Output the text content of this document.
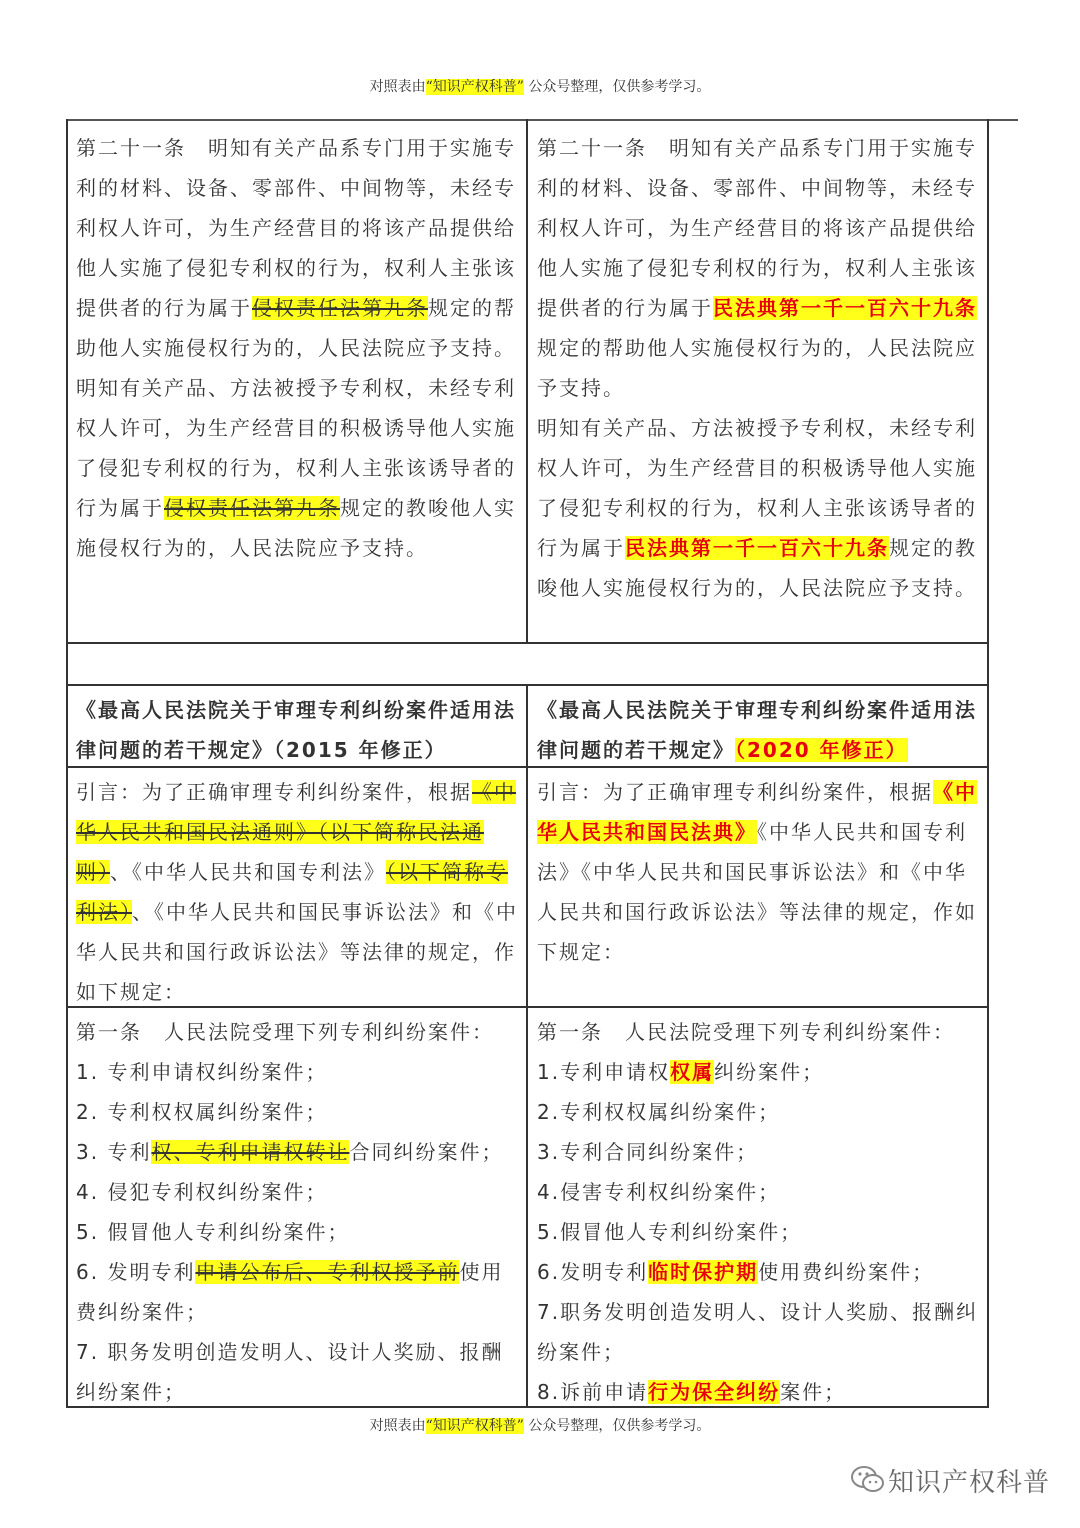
对照表由“知识产权科普” 公众号整理，仅供参考学习。

第二十一条　明知有关产品系专门用于实施专利的材料、设备、零部件、中间物等，未经专利权人许可，为生产经营目的将该产品提供给他人实施了侵犯专利权的行为，权利人主张该提供者的行为属于侵权责任法第九条规定的帮助他人实施侵权行为的，人民法院应予支持。

明知有关产品、方法被授予专利权，未经专利权人许可，为生产经营目的积极诱导他人实施了侵犯专利权的行为，权利人主张该诱导者的行为属于侵权责任法第九条规定的教唆他人实施侵权行为的，人民法院应予支持。

第二十一条　明知有关产品系专门用于实施专利的材料、设备、零部件、中间物等，未经专利权人许可，为生产经营目的将该产品提供给他人实施了侵犯专利权的行为，权利人主张该提供者的行为属于民法典第一千一百六十九条规定的帮助他人实施侵权行为的，人民法院应予支持。

明知有关产品、方法被授予专利权，未经专利权人许可，为生产经营目的积极诱导他人实施了侵犯专利权的行为，权利人主张该诱导者的行为属于民法典第一千一百六十九条规定的教唆他人实施侵权行为的，人民法院应予支持。

《最高人民法院关于审理专利纠纷案件适用法律问题的若干规定》（2015 年修正）

《最高人民法院关于审理专利纠纷案件适用法律问题的若干规定》（2020 年修正）

引言：为了正确审理专利纠纷案件，根据《中华人民共和国民法通则》（以下简称民法通则）、《中华人民共和国专利法》（以下简称专利法）、《中华人民共和国民事诉讼法》和《中华人民共和国行政诉讼法》等法律的规定，作如下规定：

引言：为了正确审理专利纠纷案件，根据《中华人民共和国民法典》《中华人民共和国专利法》《中华人民共和国民事诉讼法》和《中华人民共和国行政诉讼法》等法律的规定，作如下规定：

第一条　人民法院受理下列专利纠纷案件：

1. 专利申请权纠纷案件；

2. 专利权权属纠纷案件；

3. 专利权、专利申请权转让合同纠纷案件；

4. 侵犯专利权纠纷案件；

5. 假冒他人专利纠纷案件；

6. 发明专利申请公布后、专利权授予前使用费纠纷案件；

7. 职务发明创造发明人、设计人奖励、报酬纠纷案件；

第一条　人民法院受理下列专利纠纷案件：

1.专利申请权权属纠纷案件；

2.专利权权属纠纷案件；

3.专利合同纠纷案件；

4.侵害专利权纠纷案件；

5.假冒他人专利纠纷案件；

6.发明专利临时保护期使用费纠纷案件；

7.职务发明创造发明人、设计人奖励、报酬纠纷案件；

8.诉前申请行为保全纠纷案件；

对照表由“知识产权科普” 公众号整理，仅供参考学习。
知识产权科普
